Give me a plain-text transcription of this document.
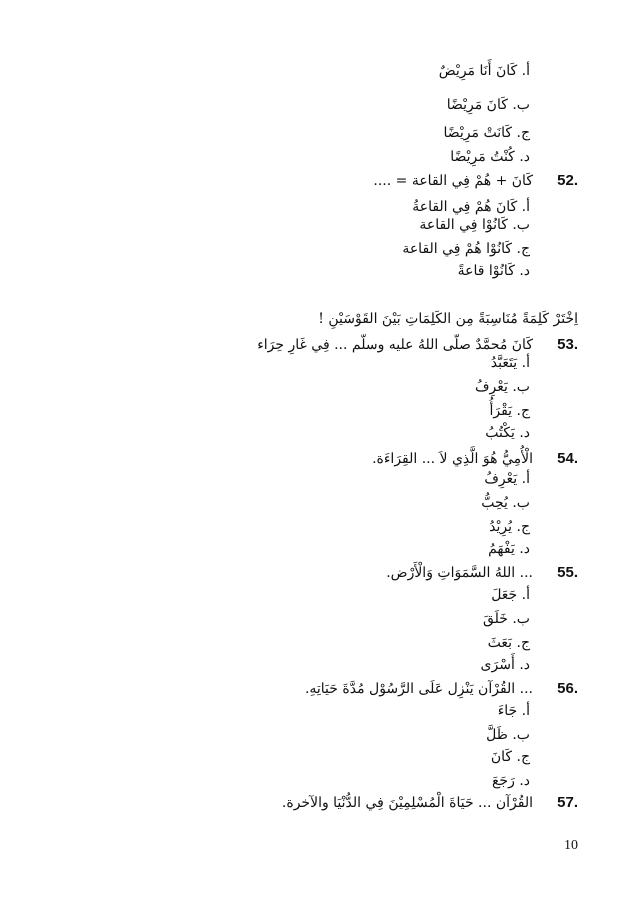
أ. كَانَ أَنَا مَرِيْضٌ
ب. كَانَ مَرِيْضًا
ج. كَانَتْ مَرِيْضًا
د. كُنْتُ مَرِيْضًا
52.
كَانَ + هُمْ فِي القاعة = ....
أ. كَانَ هُمْ فِي القاعةُ
ب. كَانُوْا فِي القاعة
ج. كَانُوْا هُمْ فِي القاعة
د. كَانُوْا قاعةً
اِخْتَرْ كَلِمَةً مُنَاسِبَةً مِن الكَلِمَاتِ بَيْنَ القَوْسَيْنِ !
53.
كَانَ مُحمَّدٌ صلّى اللهُ عليه وسلّم ... فِي غَارِ حِرَاء
أ. يَتَعَبَّدُ
ب. يَعْرِفُ
ج. يَقْرَأُ
د. يَكْتُبُ
54.
الْأُمِيُّ هُوَ الَّذِي لاَ ... القِرَاءَة.
أ. يَعْرِفُ
ب. يُحِبُّ
ج. يُرِيْدُ
د. يَفْهَمُ
55.
... اللهُ السَّمَوَاتِ وَالْأَرْض.
أ. جَعَلَ
ب. خَلَقَ
ج. بَعَثَ
د. أَسْرَى
56.
... القُرْآن يَنْزِل عَلَى الرَّسُوْل مُدَّةَ حَيَاتِهِ.
أ. جَاءَ
ب. ظَلَّ
ج. كَانَ
د. رَجَعَ
57.
القُرْآن ... حَيَاةَ الْمُسْلِمِيْنَ فِي الدُّنْيَا والآخرة.
10
